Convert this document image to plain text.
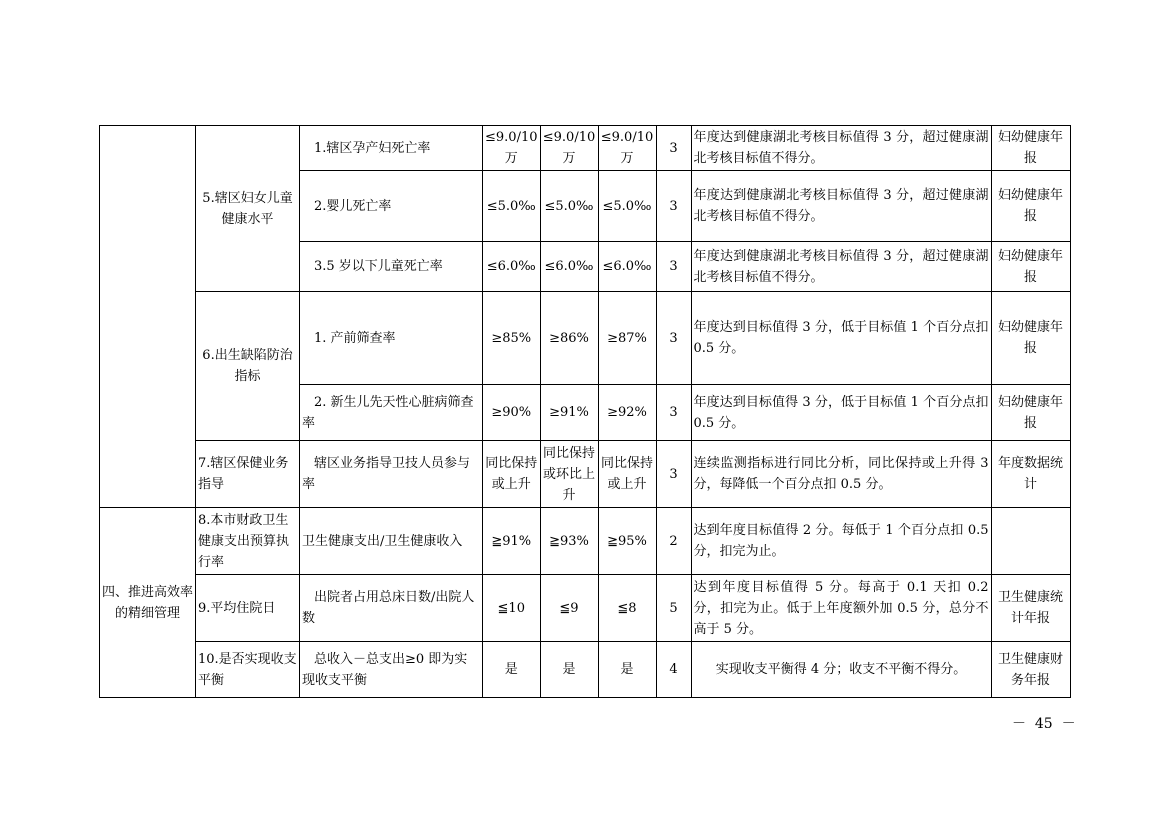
	5.辖区妇女儿童健康水平	1.辖区孕产妇死亡率	≤9.0/10万	≤9.0/10万	≤9.0/10万	3	年度达到健康湖北考核目标值得 3 分，超过健康湖北考核目标值不得分。	妇幼健康年报
		2.婴儿死亡率	≤5.0‰	≤5.0‰	≤5.0‰	3	年度达到健康湖北考核目标值得 3 分，超过健康湖北考核目标值不得分。	妇幼健康年报
		3.5 岁以下儿童死亡率	≤6.0‰	≤6.0‰	≤6.0‰	3	年度达到健康湖北考核目标值得 3 分，超过健康湖北考核目标值不得分。	妇幼健康年报
	6.出生缺陷防治指标	1. 产前筛查率	≥85%	≥86%	≥87%	3	年度达到目标值得 3 分，低于目标值 1 个百分点扣 0.5 分。	妇幼健康年报
		2. 新生儿先天性心脏病筛查率	≥90%	≥91%	≥92%	3	年度达到目标值得 3 分，低于目标值 1 个百分点扣 0.5 分。	妇幼健康年报
	7.辖区保健业务指导	辖区业务指导卫技人员参与率	同比保持或上升	同比保持或环比上升	同比保持或上升	3	连续监测指标进行同比分析，同比保持或上升得 3 分，每降低一个百分点扣 0.5 分。	年度数据统计
四、推进高效率的精细管理	8.本市财政卫生健康支出预算执行率	卫生健康支出/卫生健康收入	≧91%	≧93%	≧95%	2	达到年度目标值得 2 分。每低于 1 个百分点扣 0.5 分，扣完为止。	
	9.平均住院日	出院者占用总床日数/出院人数	≦10	≦9	≦8	5	达到年度目标值得 5 分。每高于 0.1 天扣 0.2 分，扣完为止。低于上年度额外加 0.5 分，总分不高于 5 分。	卫生健康统计年报
	10.是否实现收支平衡	总收入－总支出≥0 即为实现收支平衡	是	是	是	4	实现收支平衡得 4 分；收支不平衡不得分。	卫生健康财务年报
－  45  －
